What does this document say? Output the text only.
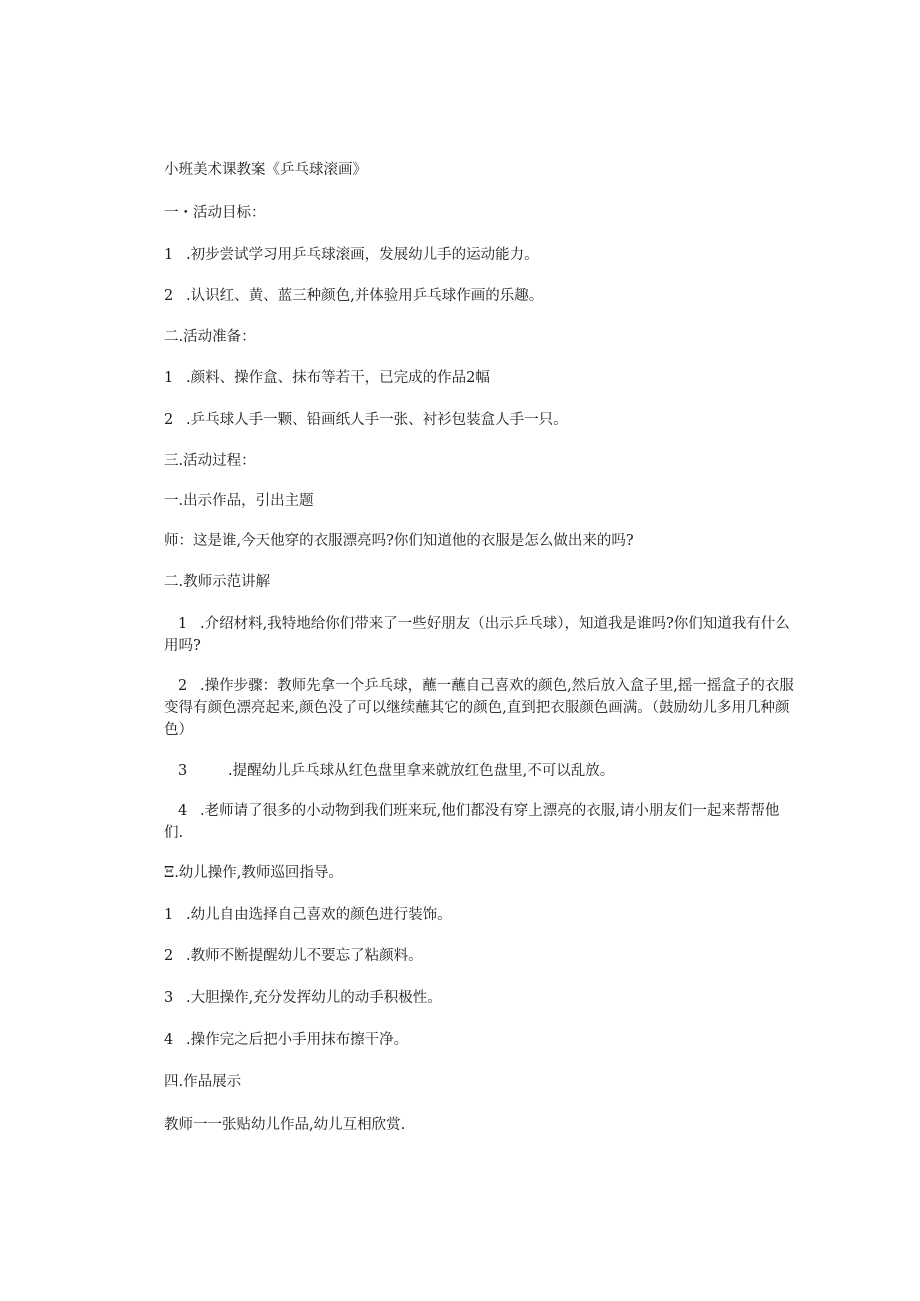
小班美术课教案《乒乓球滚画》
一・活动目标：
1 .初步尝试学习用乒乓球滚画，发展幼儿手的运动能力。
2 .认识红、黄、蓝三种颜色,并体验用乒乓球作画的乐趣。
二.活动准备：
1 .颜料、操作盒、抹布等若干，已完成的作品2幅
2 .乒乓球人手一颗、铅画纸人手一张、衬衫包装盒人手一只。
三.活动过程：
一.出示作品，引出主题
师：这是谁,今天他穿的衣服漂亮吗?你们知道他的衣服是怎么做出来的吗?
二.教师示范讲解
1 .介绍材料,我特地给你们带来了一些好朋友（出示乒乓球），知道我是谁吗?你们知道我有什么用吗?
2 .操作步骤：教师先拿一个乒乓球，蘸一蘸自己喜欢的颜色,然后放入盒子里,摇一摇盒子的衣服变得有颜色漂亮起来,颜色没了可以继续蘸其它的颜色,直到把衣服颜色画满。（鼓励幼儿多用几种颜色）
3	.提醒幼儿乒乓球从红色盘里拿来就放红色盘里,不可以乱放。
4 .老师请了很多的小动物到我们班来玩,他们都没有穿上漂亮的衣服,请小朋友们一起来帮帮他们.
Ξ.幼儿操作,教师巡回指导。
1 .幼儿自由选择自己喜欢的颜色进行装饰。
2 .教师不断提醒幼儿不要忘了粘颜料。
3 .大胆操作,充分发挥幼儿的动手积极性。
4 .操作完之后把小手用抹布擦干净。
四.作品展示
教师一一张贴幼儿作品,幼儿互相欣赏.
